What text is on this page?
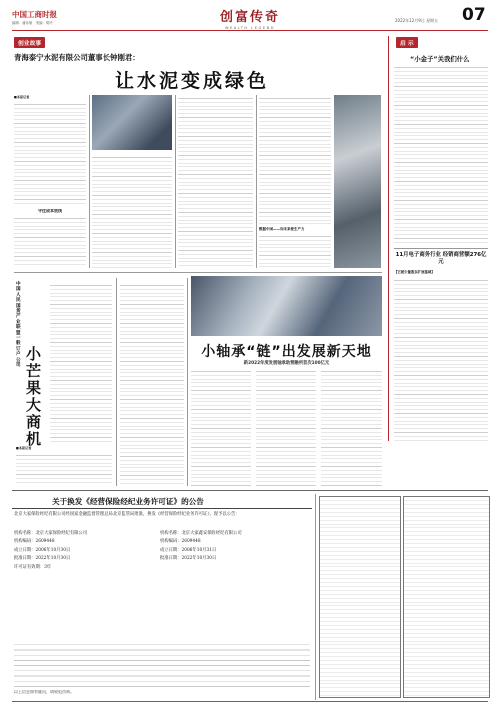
中国工商时报
编辑：潘诗敏　美编：胡玲	创富传奇
WEALTH LEGEND
2022年12月9日 星期五 07
创业故事
青海泰宁水泥有限公司董事长钟刚君：
让水泥变成绿色
■本报记者
守住成本底线
数据中国——向未来要生产力
启 示
“小金子”关我们什么
11月电子商务行业 经销商营额276亿元
【它被少量股东扩展基础】
中国人民国货产业联盟一般订户公司
小芒果大商机
■本报记者
小轴承“链”出发展新天地
新2022年度发展轴承助营融所首次100亿元
关于换发《经营保险经纪业务许可证》的公告
北京大家保险经纪有限公司经国家金融监督管理总局北京监管局批准，换发《经营保险经纪业务许可证》，现予以公告：
机构名称：北京大家保险经纪有限公司
机构编码：2609448
成立日期：2006年10月30日
批准日期：2022年10月30日
许可证有效期：3年
机构名称：北京大家鑫安保险经纪有限公司
机构编码：2609448
成立日期：2006年10月31日
批准日期：2022年10月30日
以上信息如有疑问，请致电咨询。
